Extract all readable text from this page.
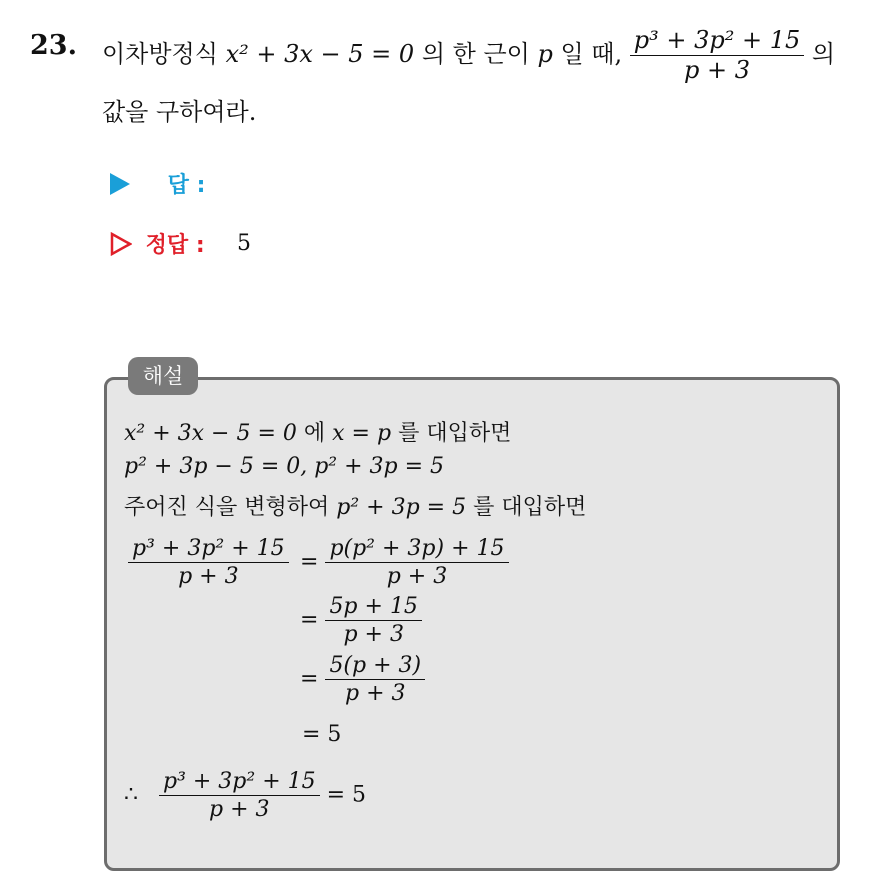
23. 이차방정식 x² + 3x − 5 = 0 의 한 근이 p 일 때, $\frac{\text{p³ + 3p² + 15}}{p + 3}$ 의
값을 구하여라.
답 :
정답 : 5
해설
x² + 3x − 5 = 0 에 x = p 를 대입하면
p² + 3p − 5 = 0, p² + 3p = 5
주어진 식을 변형하여 p² + 3p = 5 를 대입하면
$\frac{\text{p³ + 3p² + 15}}{p + 3} = \frac{\text{p(p² + 3p) + 15}}{p + 3}$
= $\frac{5p + 15}{p + 3}$
= $\frac{5(p + 3)}{p + 3}$
= 5
∴ $\frac{\text{p³ + 3p² + 15}}{p + 3} = 5$
